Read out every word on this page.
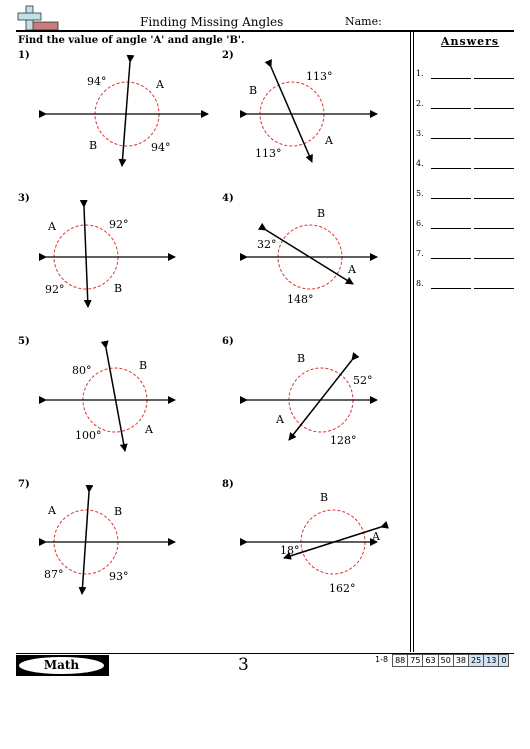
Finding Missing Angles	Name:
Find the value of angle 'A' and angle 'B'.	Answers
1.
2.
3.
4.
5.
6.
7.
8.
1)
94°	A
B	94°
2)
113°
B
A
113°
3)
A	92°
92°	B
4)
B
32°
A
148°
5)
80°	B
100°	A
6)
B
52°
A
128°
7)
A	B
87°	93°
8)
B
A
18°
162°
Math	3	1-8 88 75 63 50 38 25 13 0
